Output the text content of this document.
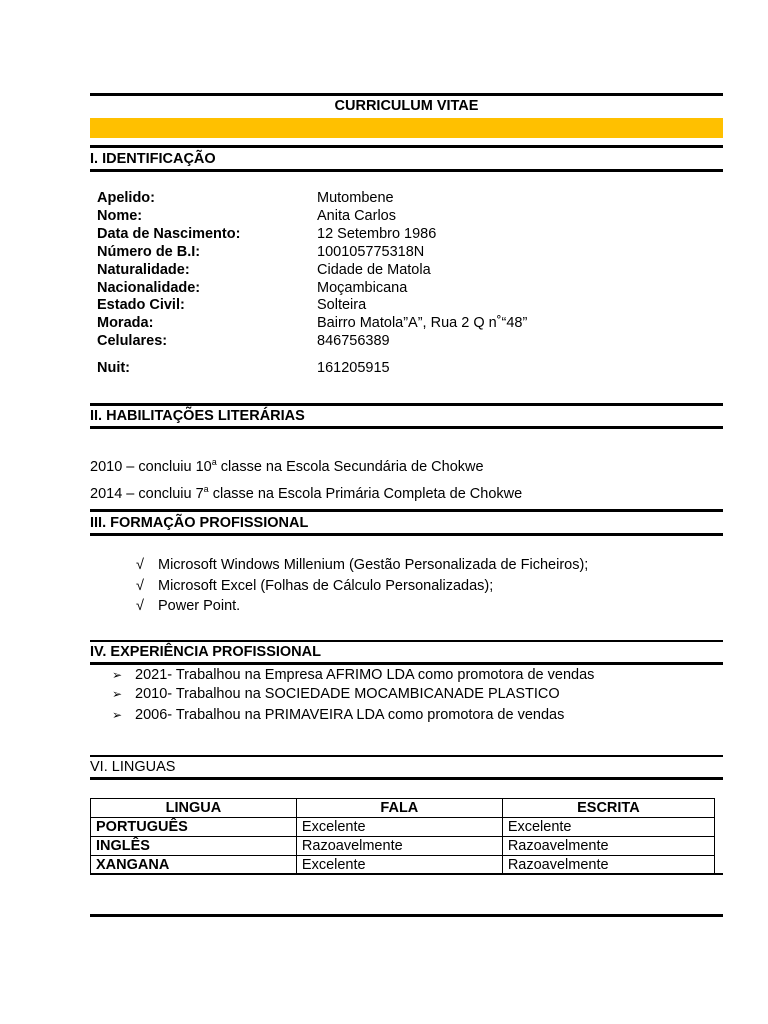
CURRICULUM VITAE
I. IDENTIFICAÇÃO
Apelido:	Mutombene
Nome:	Anita Carlos
Data de Nascimento:	12 Setembro 1986
Número de B.I:	100105775318N
Naturalidade:	Cidade de Matola
Nacionalidade:	Moçambicana
Estado Civil:	Solteira
Morada:	Bairro Matola”A”, Rua 2 Q n˚“48”
Celulares:	846756389
Nuit:	161205915
II. HABILITAÇÕES LITERÁRIAS
2010 – concluiu 10$^a$ classe na Escola Secundária de Chokwe
2014 – concluiu 7$^a$ classe na Escola Primária Completa de Chokwe
III. FORMAÇÃO PROFISSIONAL
√ Microsoft Windows Millenium (Gestão Personalizada de Ficheiros);
√ Microsoft Excel (Folhas de Cálculo Personalizadas);
√ Power Point.
IV. EXPERIÊNCIA PROFISSIONAL
➢ 2021- Trabalhou na Empresa AFRIMO LDA como promotora de vendas
➢ 2010- Trabalhou na SOCIEDADE MOCAMBICANADE PLASTICO
➢ 2006- Trabalhou na PRIMAVEIRA LDA como promotora de vendas
VI. LINGUAS
LINGUA	FALA	ESCRITA
PORTUGUÊS	Excelente	Excelente
INGLÊS	Razoavelmente	Razoavelmente
XANGANA	Excelente	Razoavelmente
